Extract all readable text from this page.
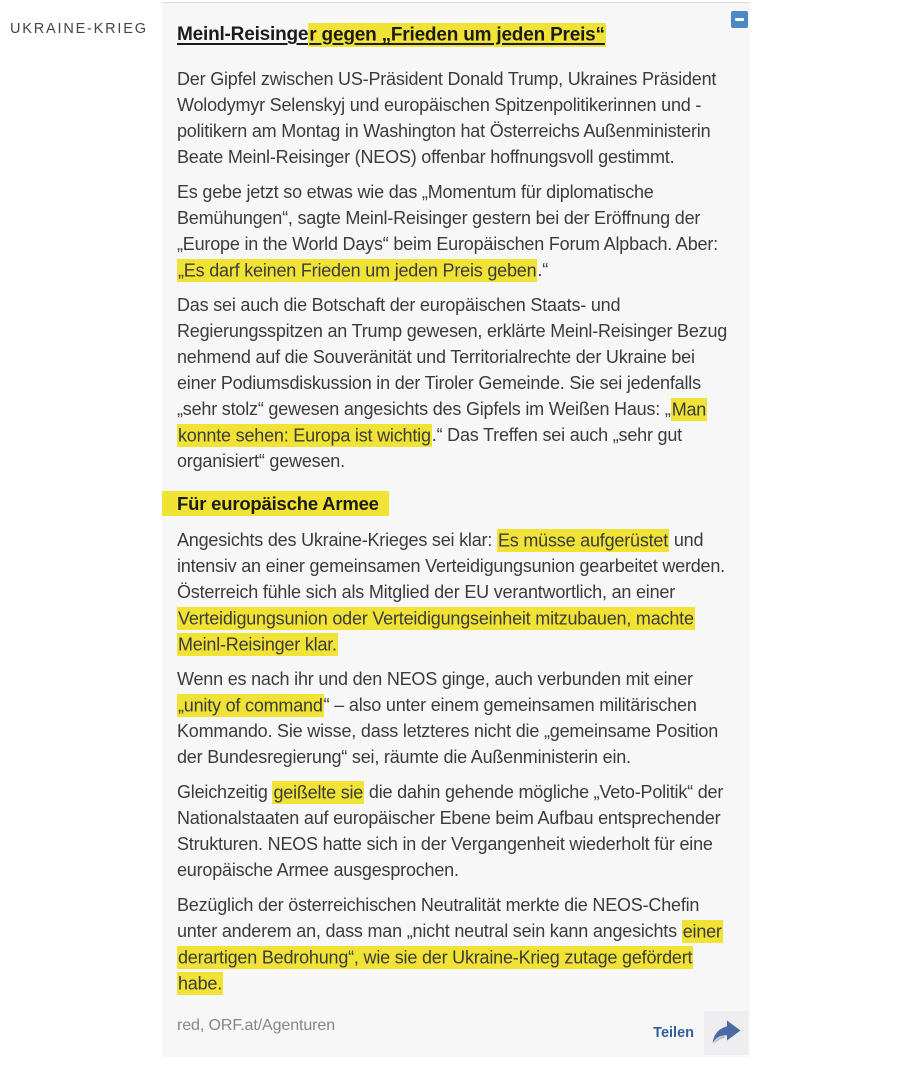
UKRAINE-KRIEG Meinl-Reisinger gegen „Frieden um jeden Preis“

Der Gipfel zwischen US-Präsident Donald Trump, Ukraines Präsident Wolodymyr Selenskyj und europäischen Spitzenpolitikerinnen und -politikern am Montag in Washington hat Österreichs Außenministerin Beate Meinl-Reisinger (NEOS) offenbar hoffnungsvoll gestimmt.

Es gebe jetzt so etwas wie das „Momentum für diplomatische Bemühungen“, sagte Meinl-Reisinger gestern bei der Eröffnung der „Europe in the World Days“ beim Europäischen Forum Alpbach. Aber: „Es darf keinen Frieden um jeden Preis geben.“

Das sei auch die Botschaft der europäischen Staats- und Regierungsspitzen an Trump gewesen, erklärte Meinl-Reisinger Bezug nehmend auf die Souveränität und Territorialrechte der Ukraine bei einer Podiumsdiskussion in der Tiroler Gemeinde. Sie sei jedenfalls „sehr stolz“ gewesen angesichts des Gipfels im Weißen Haus: „Man konnte sehen: Europa ist wichtig.“ Das Treffen sei auch „sehr gut organisiert“ gewesen.

Für europäische Armee

Angesichts des Ukraine-Krieges sei klar: Es müsse aufgerüstet und intensiv an einer gemeinsamen Verteidigungsunion gearbeitet werden. Österreich fühle sich als Mitglied der EU verantwortlich, an einer Verteidigungsunion oder Verteidigungseinheit mitzubauen, machte Meinl-Reisinger klar.

Wenn es nach ihr und den NEOS ginge, auch verbunden mit einer „unity of command“ – also unter einem gemeinsamen militärischen Kommando. Sie wisse, dass letzteres nicht die „gemeinsame Position der Bundesregierung“ sei, räumte die Außenministerin ein.

Gleichzeitig geißelte sie die dahin gehende mögliche „Veto-Politik“ der Nationalstaaten auf europäischer Ebene beim Aufbau entsprechender Strukturen. NEOS hatte sich in der Vergangenheit wiederholt für eine europäische Armee ausgesprochen.

Bezüglich der österreichischen Neutralität merkte die NEOS-Chefin unter anderem an, dass man „nicht neutral sein kann angesichts einer derartigen Bedrohung“, wie sie der Ukraine-Krieg zutage gefördert habe.

red, ORF.at/Agenturen	Teilen
